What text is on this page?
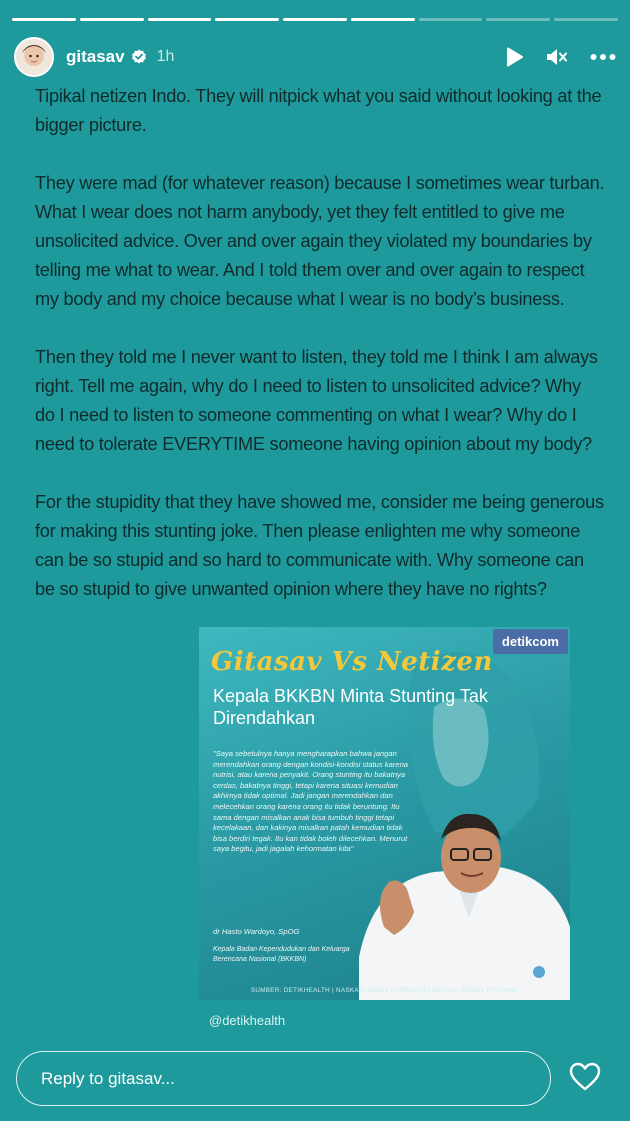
gitasav 1h

Tipikal netizen Indo. They will nitpick what you said without looking at the bigger picture.

They were mad (for whatever reason) because I sometimes wear turban. What I wear does not harm anybody, yet they felt entitled to give me unsolicited advice. Over and over again they violated my boundaries by telling me what to wear. And I told them over and over again to respect my body and my choice because what I wear is no body’s business.

Then they told me I never want to listen, they told me I think I am always right. Tell me again, why do I need to listen to unsolicited advice? Why do I need to listen to someone commenting on what I wear? Why do I need to tolerate EVERYTIME someone having opinion about my body?

For the stupidity that they have showed me, consider me being generous for making this stunting joke. Then please enlighten me why someone can be so stupid and so hard to communicate with. Why someone can be so stupid to give unwanted opinion where they have no rights?

detikcom
Gitasav Vs Netizen
Kepala BKKBN Minta Stunting Tak Direndahkan
"Saya sebetulnya hanya mengharapkan bahwa jangan merendahkan orang dengan kondisi-kondisi status karena nutrisi, atau karena penyakit. Orang stunting itu bakatnya cerdas, bakatnya tinggi, tetapi karena situasi kemudian akhirnya tidak optimal. Jadi jangan merendahkan dan melecehkan orang karena orang itu tidak beruntung. Itu sama dengan misalkan anak bisa tumbuh tinggi tetapi kecelakaan, dan kakinya misalkan patah kemudian tidak bisa berdiri tegak. Itu kan tidak boleh dilecehkan. Menurut saya begitu, jadi jagalah kehormatan kita"
dr Hasto Wardoyo, SpOG
Kepala Badan Kependudukan dan Keluarga Berencana Nasional (BKKBN)
SUMBER: DETIKHEALTH | NASKAH: WIWIT PURWOKO | DESAIN: DENNY PRATAMA
@detikhealth
Reply to gitasav...
